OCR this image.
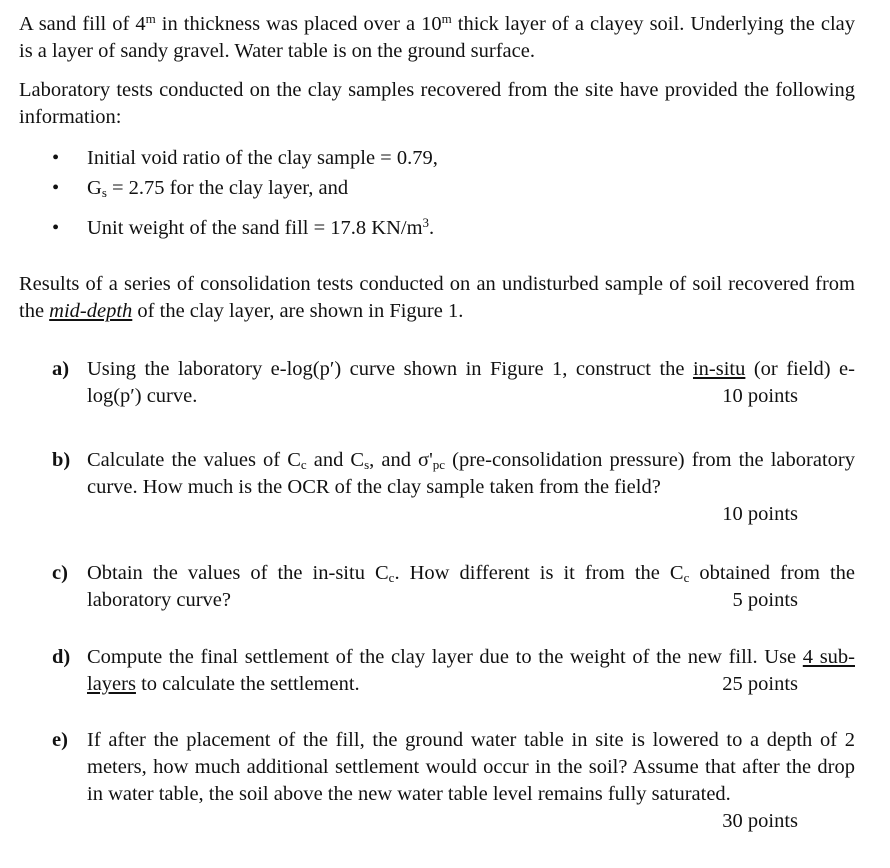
A sand fill of 4$^m$ in thickness was placed over a 10$^m$ thick layer of a clayey soil. Underlying the clay is a layer of sandy gravel. Water table is on the ground surface.

Laboratory tests conducted on the clay samples recovered from the site have provided the following information:

• Initial void ratio of the clay sample = 0.79,
• $G_s = 2.75$ for the clay layer, and
• Unit weight of the sand fill = 17.8 $KN/m^3$.

Results of a series of consolidation tests conducted on an undisturbed sample of soil recovered from the mid-depth of the clay layer, are shown in Figure 1.

a) Using the laboratory e-log(p′) curve shown in Figure 1, construct the in-situ (or field) e-log(p′) curve.	10 points
b) Calculate the values of $C_c$ and $C_s$, and $\sigma'_{pc}$ (pre-consolidation pressure) from the laboratory curve. How much is the OCR of the clay sample taken from the field?
10 points
c) Obtain the values of the in-situ $C_c$. How different is it from the $C_c$ obtained from the laboratory curve?	5 points
d) Compute the final settlement of the clay layer due to the weight of the new fill. Use 4 sub-layers to calculate the settlement.	25 points
e) If after the placement of the fill, the ground water table in site is lowered to a depth of 2 meters, how much additional settlement would occur in the soil? Assume that after the drop in water table, the soil above the new water table level remains fully saturated.
30 points
